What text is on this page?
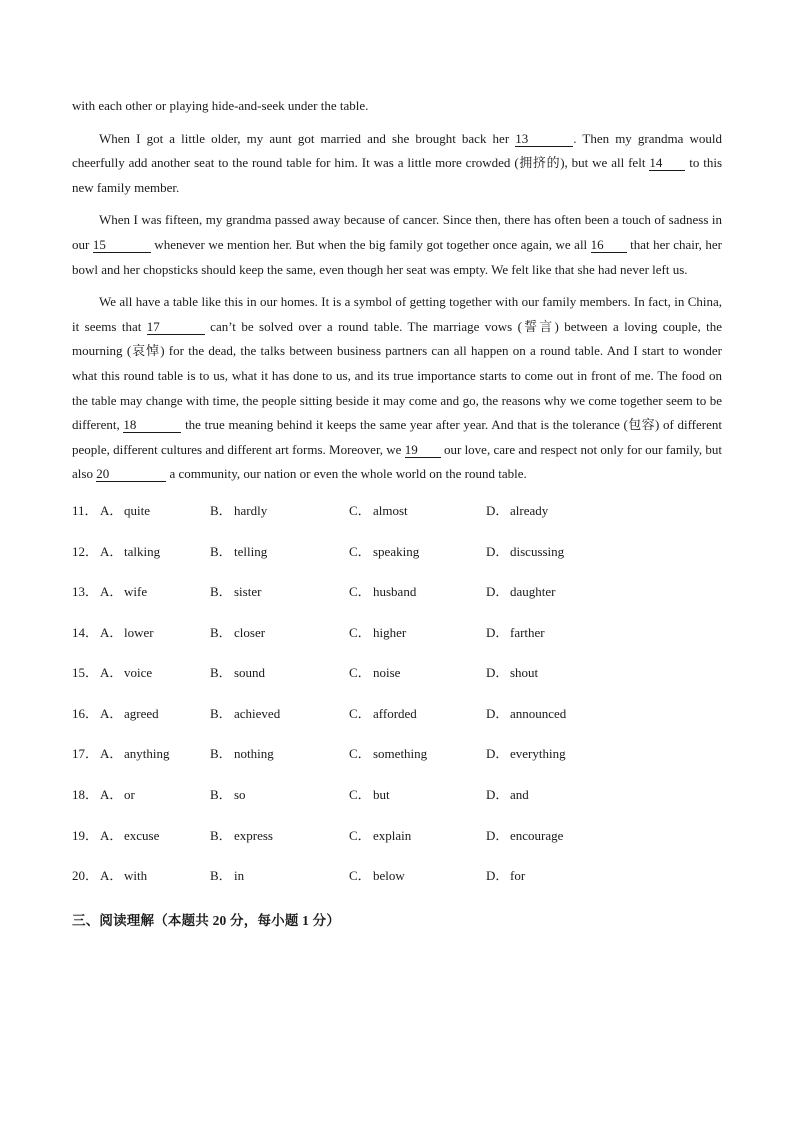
with each other or playing hide-and-seek under the table.

When I got a little older, my aunt got married and she brought back her 13	. Then my grandma would cheerfully add another seat to the round table for him. It was a little more crowded (拥挤的), but we all felt 14 to this new family member.

When I was fifteen, my grandma passed away because of cancer. Since then, there has often been a touch of sadness in our 15	whenever we mention her. But when the big family got together once again, we all 16 that her chair, her bowl and her chopsticks should keep the same, even though her seat was empty. We felt like that she had never left us.

We all have a table like this in our homes. It is a symbol of getting together with our family members. In fact, in China, it seems that 17	can’t be solved over a round table. The marriage vows (誓言) between a loving couple, the mourning (哀悼) for the dead, the talks between business partners can all happen on a round table. And I start to wonder what this round table is to us, what it has done to us, and its true importance starts to come out in front of me. The food on the table may change with time, the people sitting beside it may come and go, the reasons why we come together seem to be different, 18	the true meaning behind it keeps the same year after year. And that is the tolerance (包容) of different people, different cultures and different art forms. Moreover, we 19 our love, care and respect not only for our family, but also 20	a community, our nation or even the whole world on the round table.

11． A． quite	B． hardly	C． almost	D． already
12． A． talking	B． telling	C． speaking	D． discussing
13． A． wife	B． sister	C． husband	D． daughter
14． A． lower	B． closer	C． higher	D． farther
15． A． voice	B． sound	C． noise	D． shout
16． A． agreed	B． achieved	C． afforded	D． announced
17． A． anything	B． nothing	C． something	D． everything
18． A． or	B． so	C． but	D． and
19． A． excuse	B． express	C． explain	D． encourage
20． A． with	B． in	C． below	D． for
三、阅读理解（本题共 20 分，每小题 1 分）
